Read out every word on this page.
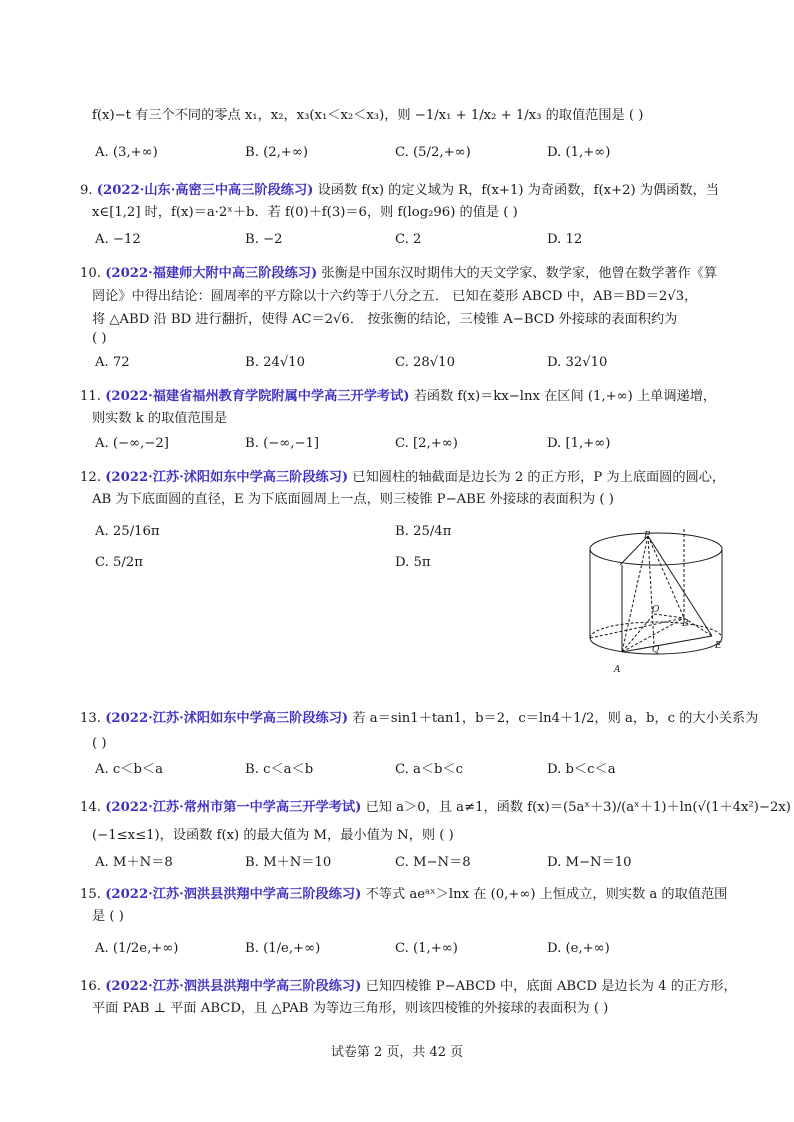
f(x)−t 有三个不同的零点 x₁，x₂，x₃(x₁＜x₂＜x₃)，则 −1/x₁ + 1/x₂ + 1/x₃ 的取值范围是 ( )
A. (3,+∞)	B. (2,+∞)	C. (5/2,+∞)	D. (1,+∞)
9. (2022·山东·高密三中高三阶段练习) 设函数 f(x) 的定义域为 R，f(x+1) 为奇函数，f(x+2) 为偶函数，当
x∈[1,2] 时，f(x)＝a·2ˣ＋b．若 f(0)＋f(3)＝6，则 f(log₂96) 的值是 ( )
A. −12	B. −2	C. 2	D. 12
10. (2022·福建师大附中高三阶段练习) 张衡是中国东汉时期伟大的天文学家、数学家，他曾在数学著作《算
罔论》中得出结论：圆周率的平方除以十六约等于八分之五． 已知在菱形 ABCD 中，AB＝BD＝2√3，
将 △ABD 沿 BD 进行翻折，使得 AC＝2√6． 按张衡的结论，三棱锥 A−BCD 外接球的表面积约为
( )
A. 72	B. 24√10	C. 28√10	D. 32√10
11. (2022·福建省福州教育学院附属中学高三开学考试) 若函数 f(x)＝kx−lnx 在区间 (1,+∞) 上单调递增，
则实数 k 的取值范围是
A. (−∞,−2]	B. (−∞,−1]	C. [2,+∞)	D. [1,+∞)
12. (2022·江苏·沭阳如东中学高三阶段练习) 已知圆柱的轴截面是边长为 2 的正方形，P 为上底面圆的圆心，
AB 为下底面圆的直径，E 为下底面圆周上一点，则三棱锥 P−ABE 外接球的表面积为 ( )
A. 25/16π	B. 25/4π
C. 5/2π	D. 5π
P
O
B
Q	E
A
13. (2022·江苏·沭阳如东中学高三阶段练习) 若 a＝sin1＋tan1，b＝2，c＝ln4＋1/2，则 a，b，c 的大小关系为
( )
A. c＜b＜a	B. c＜a＜b	C. a＜b＜c	D. b＜c＜a
14. (2022·江苏·常州市第一中学高三开学考试) 已知 a＞0，且 a≠1，函数 f(x)＝(5aˣ＋3)/(aˣ＋1)＋ln(√(1＋4x²)−2x)
(−1≤x≤1)，设函数 f(x) 的最大值为 M，最小值为 N，则 ( )
A. M＋N＝8	B. M＋N＝10	C. M−N＝8	D. M−N＝10
15. (2022·江苏·泗洪县洪翔中学高三阶段练习) 不等式 aeᵃˣ＞lnx 在 (0,+∞) 上恒成立，则实数 a 的取值范围
是 ( )
A. (1/2e,+∞)	B. (1/e,+∞)	C. (1,+∞)	D. (e,+∞)
16. (2022·江苏·泗洪县洪翔中学高三阶段练习) 已知四棱锥 P−ABCD 中，底面 ABCD 是边长为 4 的正方形，
平面 PAB ⊥ 平面 ABCD，且 △PAB 为等边三角形，则该四棱锥的外接球的表面积为 ( )
试卷第 2 页，共 42 页
